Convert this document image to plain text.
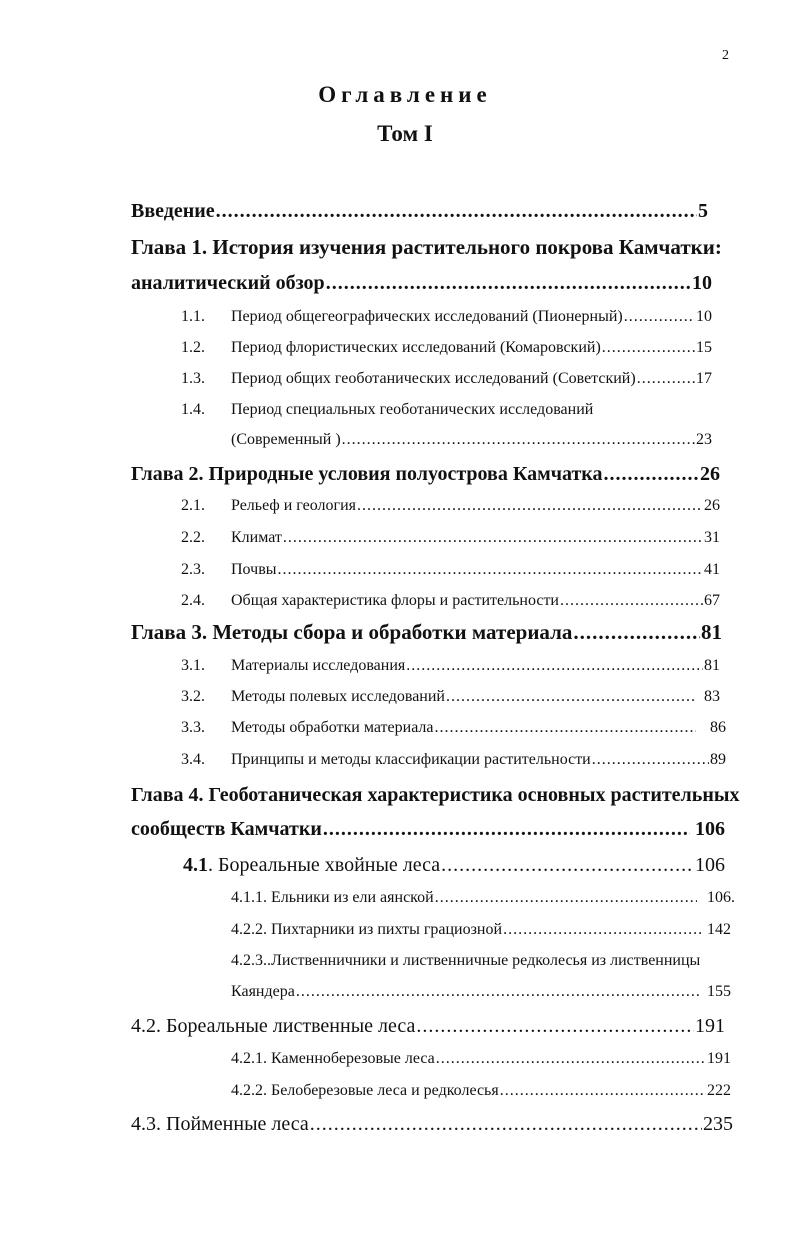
2
Оглавление
Том I
Введение .....	5
Глава 1. История изучения растительного покрова Камчатки:
аналитический обзор .....	10
1.1. Период общегеографических исследований (Пионерный) .....	10
1.2. Период флористических исследований (Комаровский) .....	15
1.3. Период общих геоботанических исследований (Советский) .....	17
1.4. Период специальных геоботанических исследований
(Современный ) .....	23
Глава 2. Природные условия полуострова Камчатка .....	26
2.1. Рельеф и геология .....	26
2.2. Климат .....	31
2.3. Почвы .....	41
2.4. Общая характеристика флоры и растительности .....	67
Глава 3. Методы сбора и обработки материала .....	81
3.1. Материалы исследования .....	81
3.2. Методы полевых исследований .....	83
3.3. Методы обработки материала .....	86
3.4. Принципы и методы классификации растительности .....	89
Глава 4. Геоботаническая характеристика основных растительных
сообществ Камчатки .....	106
4.1. Бореальные хвойные леса .....	106
4.1.1. Ельники из ели аянской .....	106.
4.2.2. Пихтарники из пихты грациозной .....	142
4.2.3..Лиственничники и лиственничные редколесья из лиственницы
Каяндера .....	155
4.2. Бореальные лиственные леса .....	191
4.2.1. Каменноберезовые леса .....	191
4.2.2. Белоберезовые леса и редколесья .....	222
4.3. Пойменные леса .....	235
